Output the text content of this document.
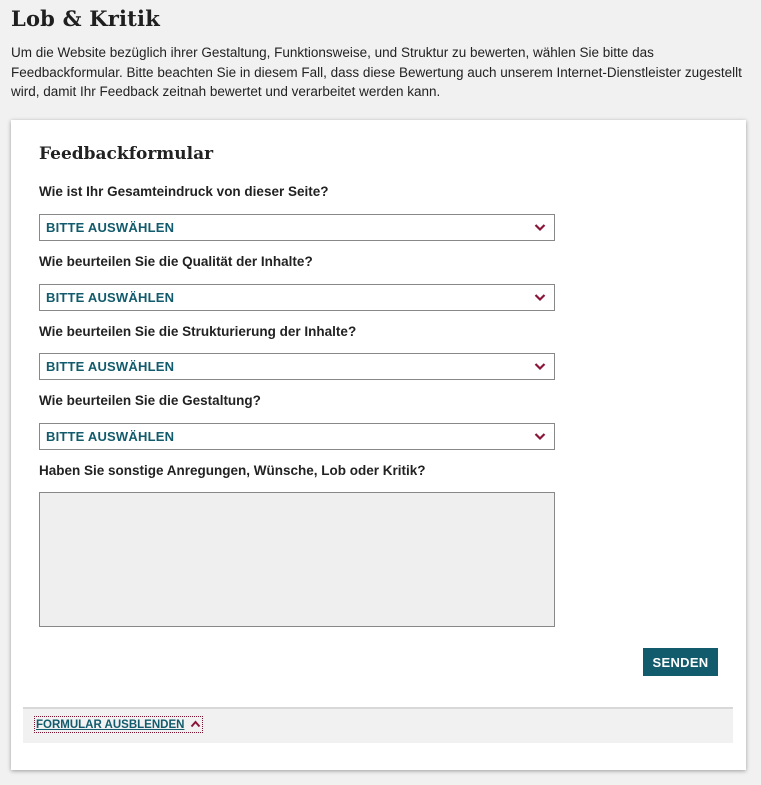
Lob & Kritik

Um die Website bezüglich ihrer Gestaltung, Funktionsweise, und Struktur zu bewerten, wählen Sie bitte das Feedbackformular. Bitte beachten Sie in diesem Fall, dass diese Bewertung auch unserem Internet-Dienstleister zugestellt wird, damit Ihr Feedback zeitnah bewertet und verarbeitet werden kann.

Feedbackformular
Wie ist Ihr Gesamteindruck von dieser Seite?
BITTE AUSWÄHLEN
Wie beurteilen Sie die Qualität der Inhalte?
BITTE AUSWÄHLEN
Wie beurteilen Sie die Strukturierung der Inhalte?
BITTE AUSWÄHLEN
Wie beurteilen Sie die Gestaltung?
BITTE AUSWÄHLEN
Haben Sie sonstige Anregungen, Wünsche, Lob oder Kritik?
SENDEN
FORMULAR AUSBLENDEN
